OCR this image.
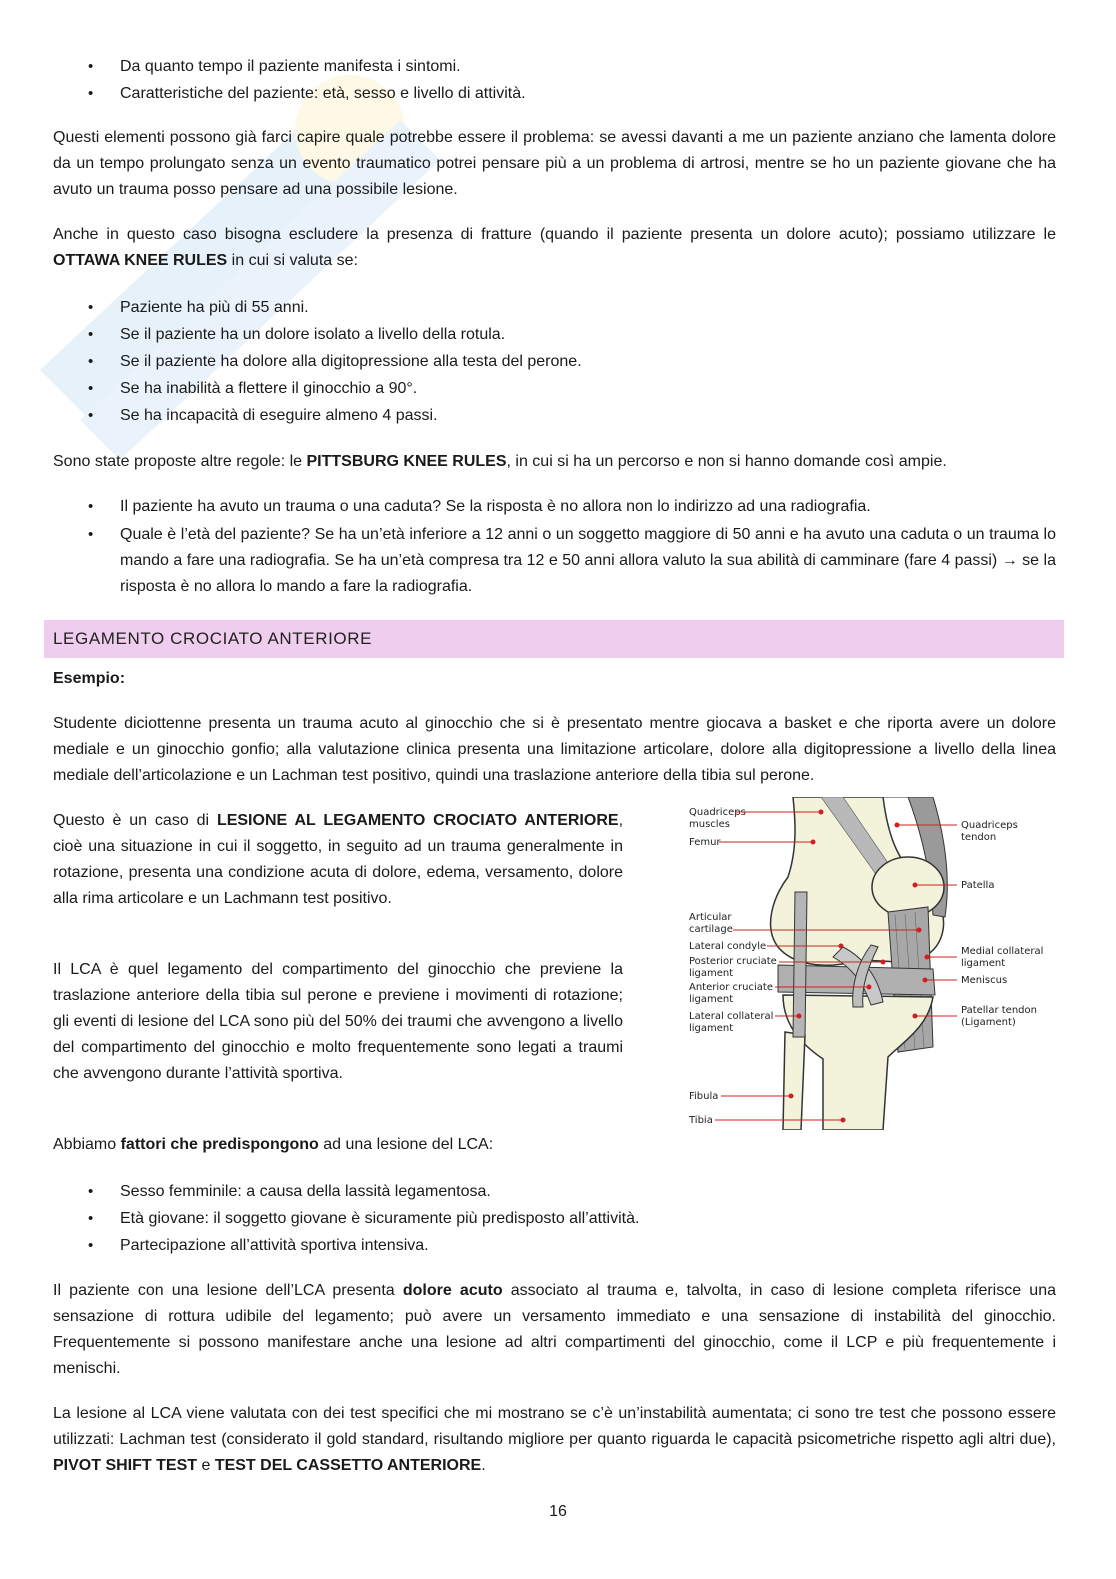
• Da quanto tempo il paziente manifesta i sintomi.
• Caratteristiche del paziente: età, sesso e livello di attività.

Questi elementi possono già farci capire quale potrebbe essere il problema: se avessi davanti a me un paziente anziano che lamenta dolore da un tempo prolungato senza un evento traumatico potrei pensare più a un problema di artrosi, mentre se ho un paziente giovane che ha avuto un trauma posso pensare ad una possibile lesione.

Anche in questo caso bisogna escludere la presenza di fratture (quando il paziente presenta un dolore acuto); possiamo utilizzare le OTTAWA KNEE RULES in cui si valuta se:

• Paziente ha più di 55 anni.
• Se il paziente ha un dolore isolato a livello della rotula.
• Se il paziente ha dolore alla digitopressione alla testa del perone.
• Se ha inabilità a flettere il ginocchio a 90°.
• Se ha incapacità di eseguire almeno 4 passi.

Sono state proposte altre regole: le PITTSBURG KNEE RULES, in cui si ha un percorso e non si hanno domande così ampie.

• Il paziente ha avuto un trauma o una caduta? Se la risposta è no allora non lo indirizzo ad una radiografia.
• Quale è l’età del paziente? Se ha un’età inferiore a 12 anni o un soggetto maggiore di 50 anni e ha avuto una caduta o un trauma lo mando a fare una radiografia. Se ha un’età compresa tra 12 e 50 anni allora valuto la sua abilità di camminare (fare 4 passi) → se la risposta è no allora lo mando a fare la radiografia.
LEGAMENTO CROCIATO ANTERIORE

Esempio:

Studente diciottenne presenta un trauma acuto al ginocchio che si è presentato mentre giocava a basket e che riporta avere un dolore mediale e un ginocchio gonfio; alla valutazione clinica presenta una limitazione articolare, dolore alla digitopressione a livello della linea mediale dell’articolazione e un Lachman test positivo, quindi una traslazione anteriore della tibia sul perone.

Questo è un caso di LESIONE AL LEGAMENTO CROCIATO ANTERIORE, cioè una situazione in cui il soggetto, in seguito ad un trauma generalmente in rotazione, presenta una condizione acuta di dolore, edema, versamento, dolore alla rima articolare e un Lachmann test positivo.

Il LCA è quel legamento del compartimento del ginocchio che previene la traslazione anteriore della tibia sul perone e previene i movimenti di rotazione; gli eventi di lesione del LCA sono più del 50% dei traumi che avvengono a livello del compartimento del ginocchio e molto frequentemente sono legati a traumi che avvengono durante l’attività sportiva.

Quadriceps
muscles
Femur
Articular
cartilage
Lateral condyle
Posterior cruciate
ligament
Anterior cruciate
ligament
Lateral collateral
ligament
Fibula
Tibia
Quadriceps
tendon
Patella
Medial collateral
ligament
Meniscus
Patellar tendon
(Ligament)

Abbiamo fattori che predispongono ad una lesione del LCA:

• Sesso femminile: a causa della lassità legamentosa.
• Età giovane: il soggetto giovane è sicuramente più predisposto all’attività.
• Partecipazione all’attività sportiva intensiva.

Il paziente con una lesione dell’LCA presenta dolore acuto associato al trauma e, talvolta, in caso di lesione completa riferisce una sensazione di rottura udibile del legamento; può avere un versamento immediato e una sensazione di instabilità del ginocchio. Frequentemente si possono manifestare anche una lesione ad altri compartimenti del ginocchio, come il LCP e più frequentemente i menischi.

La lesione al LCA viene valutata con dei test specifici che mi mostrano se c’è un’instabilità aumentata; ci sono tre test che possono essere utilizzati: Lachman test (considerato il gold standard, risultando migliore per quanto riguarda le capacità psicometriche rispetto agli altri due), PIVOT SHIFT TEST e TEST DEL CASSETTO ANTERIORE.

16
